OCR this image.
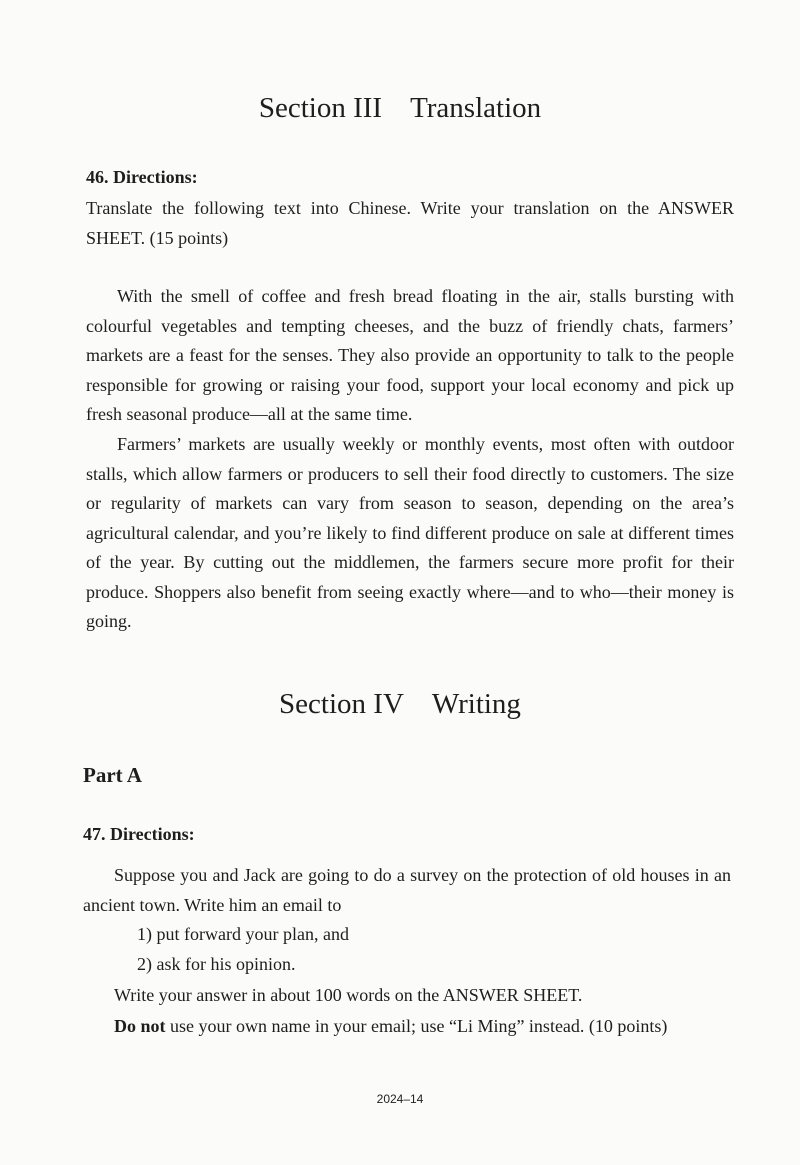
Section III Translation
46. Directions:

Translate the following text into Chinese. Write your translation on the ANSWER SHEET. (15 points)

With the smell of coffee and fresh bread floating in the air, stalls bursting with colourful vegetables and tempting cheeses, and the buzz of friendly chats, farmers’ markets are a feast for the senses. They also provide an opportunity to talk to the people responsible for growing or raising your food, support your local economy and pick up fresh seasonal produce—all at the same time.

Farmers’ markets are usually weekly or monthly events, most often with outdoor stalls, which allow farmers or producers to sell their food directly to customers. The size or regularity of markets can vary from season to season, depending on the area’s agricultural calendar, and you’re likely to find different produce on sale at different times of the year. By cutting out the middlemen, the farmers secure more profit for their produce. Shoppers also benefit from seeing exactly where—and to who—their money is going.

Section IV Writing
Part A
47. Directions:

Suppose you and Jack are going to do a survey on the protection of old houses in an ancient town. Write him an email to

1) put forward your plan, and
2) ask for his opinion.
Write your answer in about 100 words on the ANSWER SHEET.
Do not use your own name in your email; use “Li Ming” instead. (10 points)
2024–14
